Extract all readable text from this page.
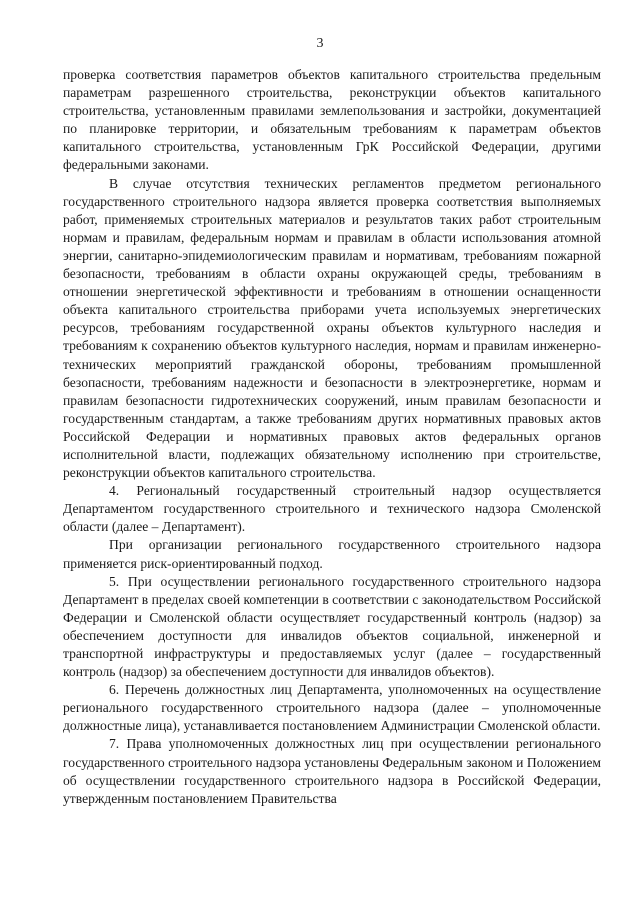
3

проверка соответствия параметров объектов капитального строительства предельным параметрам разрешенного строительства, реконструкции объектов капитального строительства, установленным правилами землепользования и застройки, документацией по планировке территории, и обязательным требованиям к параметрам объектов капитального строительства, установленным ГрК Российской Федерации, другими федеральными законами.

В случае отсутствия технических регламентов предметом регионального государственного строительного надзора является проверка соответствия выполняемых работ, применяемых строительных материалов и результатов таких работ строительным нормам и правилам, федеральным нормам и правилам в области использования атомной энергии, санитарно-эпидемиологическим правилам и нормативам, требованиям пожарной безопасности, требованиям в области охраны окружающей среды, требованиям в отношении энергетической эффективности и требованиям в отношении оснащенности объекта капитального строительства приборами учета используемых энергетических ресурсов, требованиям государственной охраны объектов культурного наследия и требованиям к сохранению объектов культурного наследия, нормам и правилам инженерно-технических мероприятий гражданской обороны, требованиям промышленной безопасности, требованиям надежности и безопасности в электроэнергетике, нормам и правилам безопасности гидротехнических сооружений, иным правилам безопасности и государственным стандартам, а также требованиям других нормативных правовых актов Российской Федерации и нормативных правовых актов федеральных органов исполнительной власти, подлежащих обязательному исполнению при строительстве, реконструкции объектов капитального строительства.

4. Региональный государственный строительный надзор осуществляется Департаментом государственного строительного и технического надзора Смоленской области (далее – Департамент).

При организации регионального государственного строительного надзора применяется риск-ориентированный подход.

5. При осуществлении регионального государственного строительного надзора Департамент в пределах своей компетенции в соответствии с законодательством Российской Федерации и Смоленской области осуществляет государственный контроль (надзор) за обеспечением доступности для инвалидов объектов социальной, инженерной и транспортной инфраструктуры и предоставляемых услуг (далее – государственный контроль (надзор) за обеспечением доступности для инвалидов объектов).

6. Перечень должностных лиц Департамента, уполномоченных на осуществление регионального государственного строительного надзора (далее – уполномоченные должностные лица), устанавливается постановлением Администрации Смоленской области.

7. Права уполномоченных должностных лиц при осуществлении регионального государственного строительного надзора установлены Федеральным законом и Положением об осуществлении государственного строительного надзора в Российской Федерации, утвержденным постановлением Правительства
